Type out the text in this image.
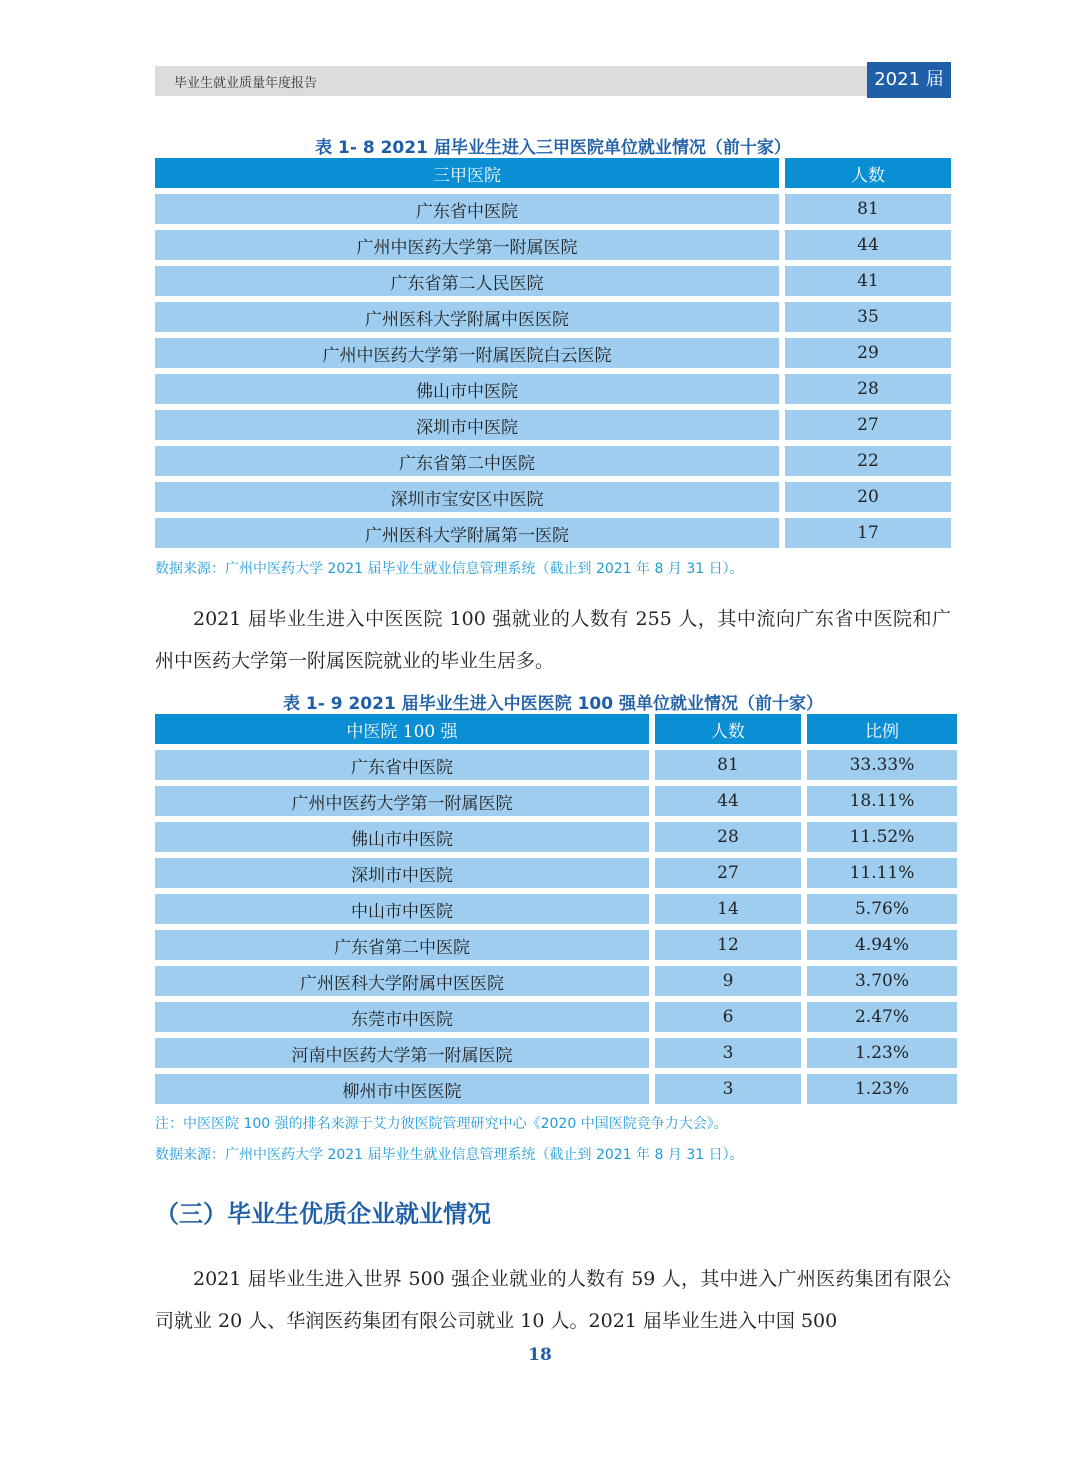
毕业生就业质量年度报告	2021 届
表 1- 8 2021 届毕业生进入三甲医院单位就业情况（前十家）
三甲医院	人数
广东省中医院	81
广州中医药大学第一附属医院	44
广东省第二人民医院	41
广州医科大学附属中医医院	35
广州中医药大学第一附属医院白云医院	29
佛山市中医院	28
深圳市中医院	27
广东省第二中医院	22
深圳市宝安区中医院	20
广州医科大学附属第一医院	17
数据来源：广州中医药大学 2021 届毕业生就业信息管理系统（截止到 2021 年 8 月 31 日）。
2021 届毕业生进入中医医院 100 强就业的人数有 255 人，其中流向广东省中医院和广州中医药大学第一附属医院就业的毕业生居多。
表 1- 9 2021 届毕业生进入中医医院 100 强单位就业情况（前十家）
中医院 100 强	人数	比例
广东省中医院	81	33.33%
广州中医药大学第一附属医院	44	18.11%
佛山市中医院	28	11.52%
深圳市中医院	27	11.11%
中山市中医院	14	5.76%
广东省第二中医院	12	4.94%
广州医科大学附属中医医院	9	3.70%
东莞市中医院	6	2.47%
河南中医药大学第一附属医院	3	1.23%
柳州市中医医院	3	1.23%
注：中医医院 100 强的排名来源于艾力彼医院管理研究中心《2020 中国医院竞争力大会》。
数据来源：广州中医药大学 2021 届毕业生就业信息管理系统（截止到 2021 年 8 月 31 日）。
（三）毕业生优质企业就业情况
2021 届毕业生进入世界 500 强企业就业的人数有 59 人，其中进入广州医药集团有限公司就业 20 人、华润医药集团有限公司就业 10 人。2021 届毕业生进入中国 500
18
